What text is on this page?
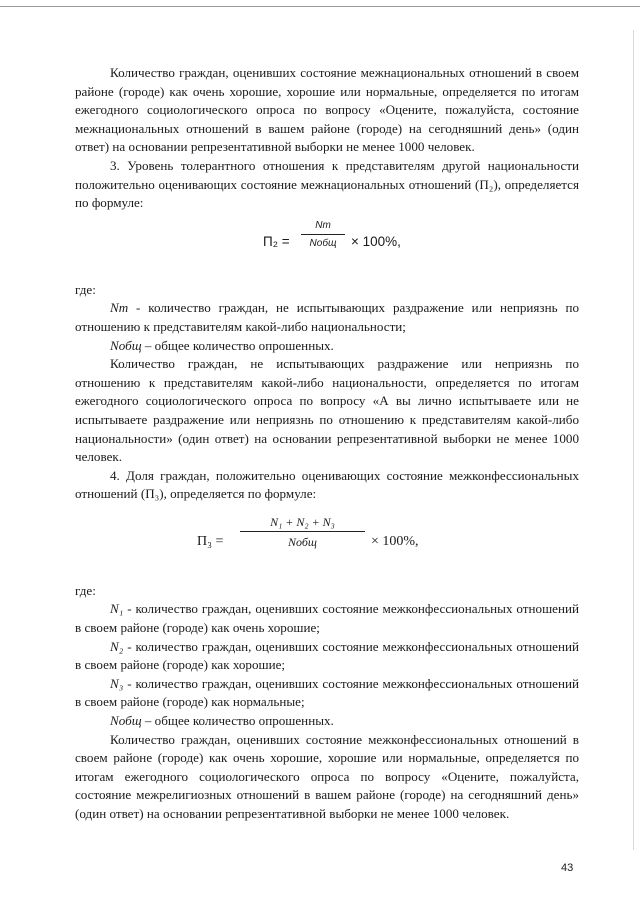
Количество граждан, оценивших состояние межнациональных отношений в своем районе (городе) как очень хорошие, хорошие или нормальные, определяется по итогам ежегодного социологического опроса по вопросу «Оцените, пожалуйста, состояние межнациональных отношений в вашем районе (городе) на сегодняшний день» (один ответ) на основании репрезентативной выборки не менее 1000 человек.

3. Уровень толерантного отношения к представителям другой национальности положительно оценивающих состояние межнациональных отношений (П₂), определяется по формуле:

П₂ =
Nт
Nобщ	× 100%,

где:

Nт - количество граждан, не испытывающих раздражение или неприязнь по отношению к представителям какой-либо национальности;

Nобщ – общее количество опрошенных.

Количество граждан, не испытывающих раздражение или неприязнь по отношению к представителям какой-либо национальности, определяется по итогам ежегодного социологического опроса по вопросу «А вы лично испытываете или не испытываете раздражение или неприязнь по отношению к представителям какой-либо национальности» (один ответ) на основании репрезентативной выборки не менее 1000 человек.

4. Доля граждан, положительно оценивающих состояние межконфессиональных отношений (П₃), определяется по формуле:

П₃ =
N₁ + N₂ + N₃
Nобщ	× 100%,

где:

N₁ - количество граждан, оценивших состояние межконфессиональных отношений в своем районе (городе) как очень хорошие;

N₂ - количество граждан, оценивших состояние межконфессиональных отношений в своем районе (городе) как хорошие;

N₃ - количество граждан, оценивших состояние межконфессиональных отношений в своем районе (городе) как нормальные;

Nобщ – общее количество опрошенных.

Количество граждан, оценивших состояние межконфессиональных отношений в своем районе (городе) как очень хорошие, хорошие или нормальные, определяется по итогам ежегодного социологического опроса по вопросу «Оцените, пожалуйста, состояние межрелигиозных отношений в вашем районе (городе) на сегодняшний день» (один ответ) на основании репрезентативной выборки не менее 1000 человек.

43
